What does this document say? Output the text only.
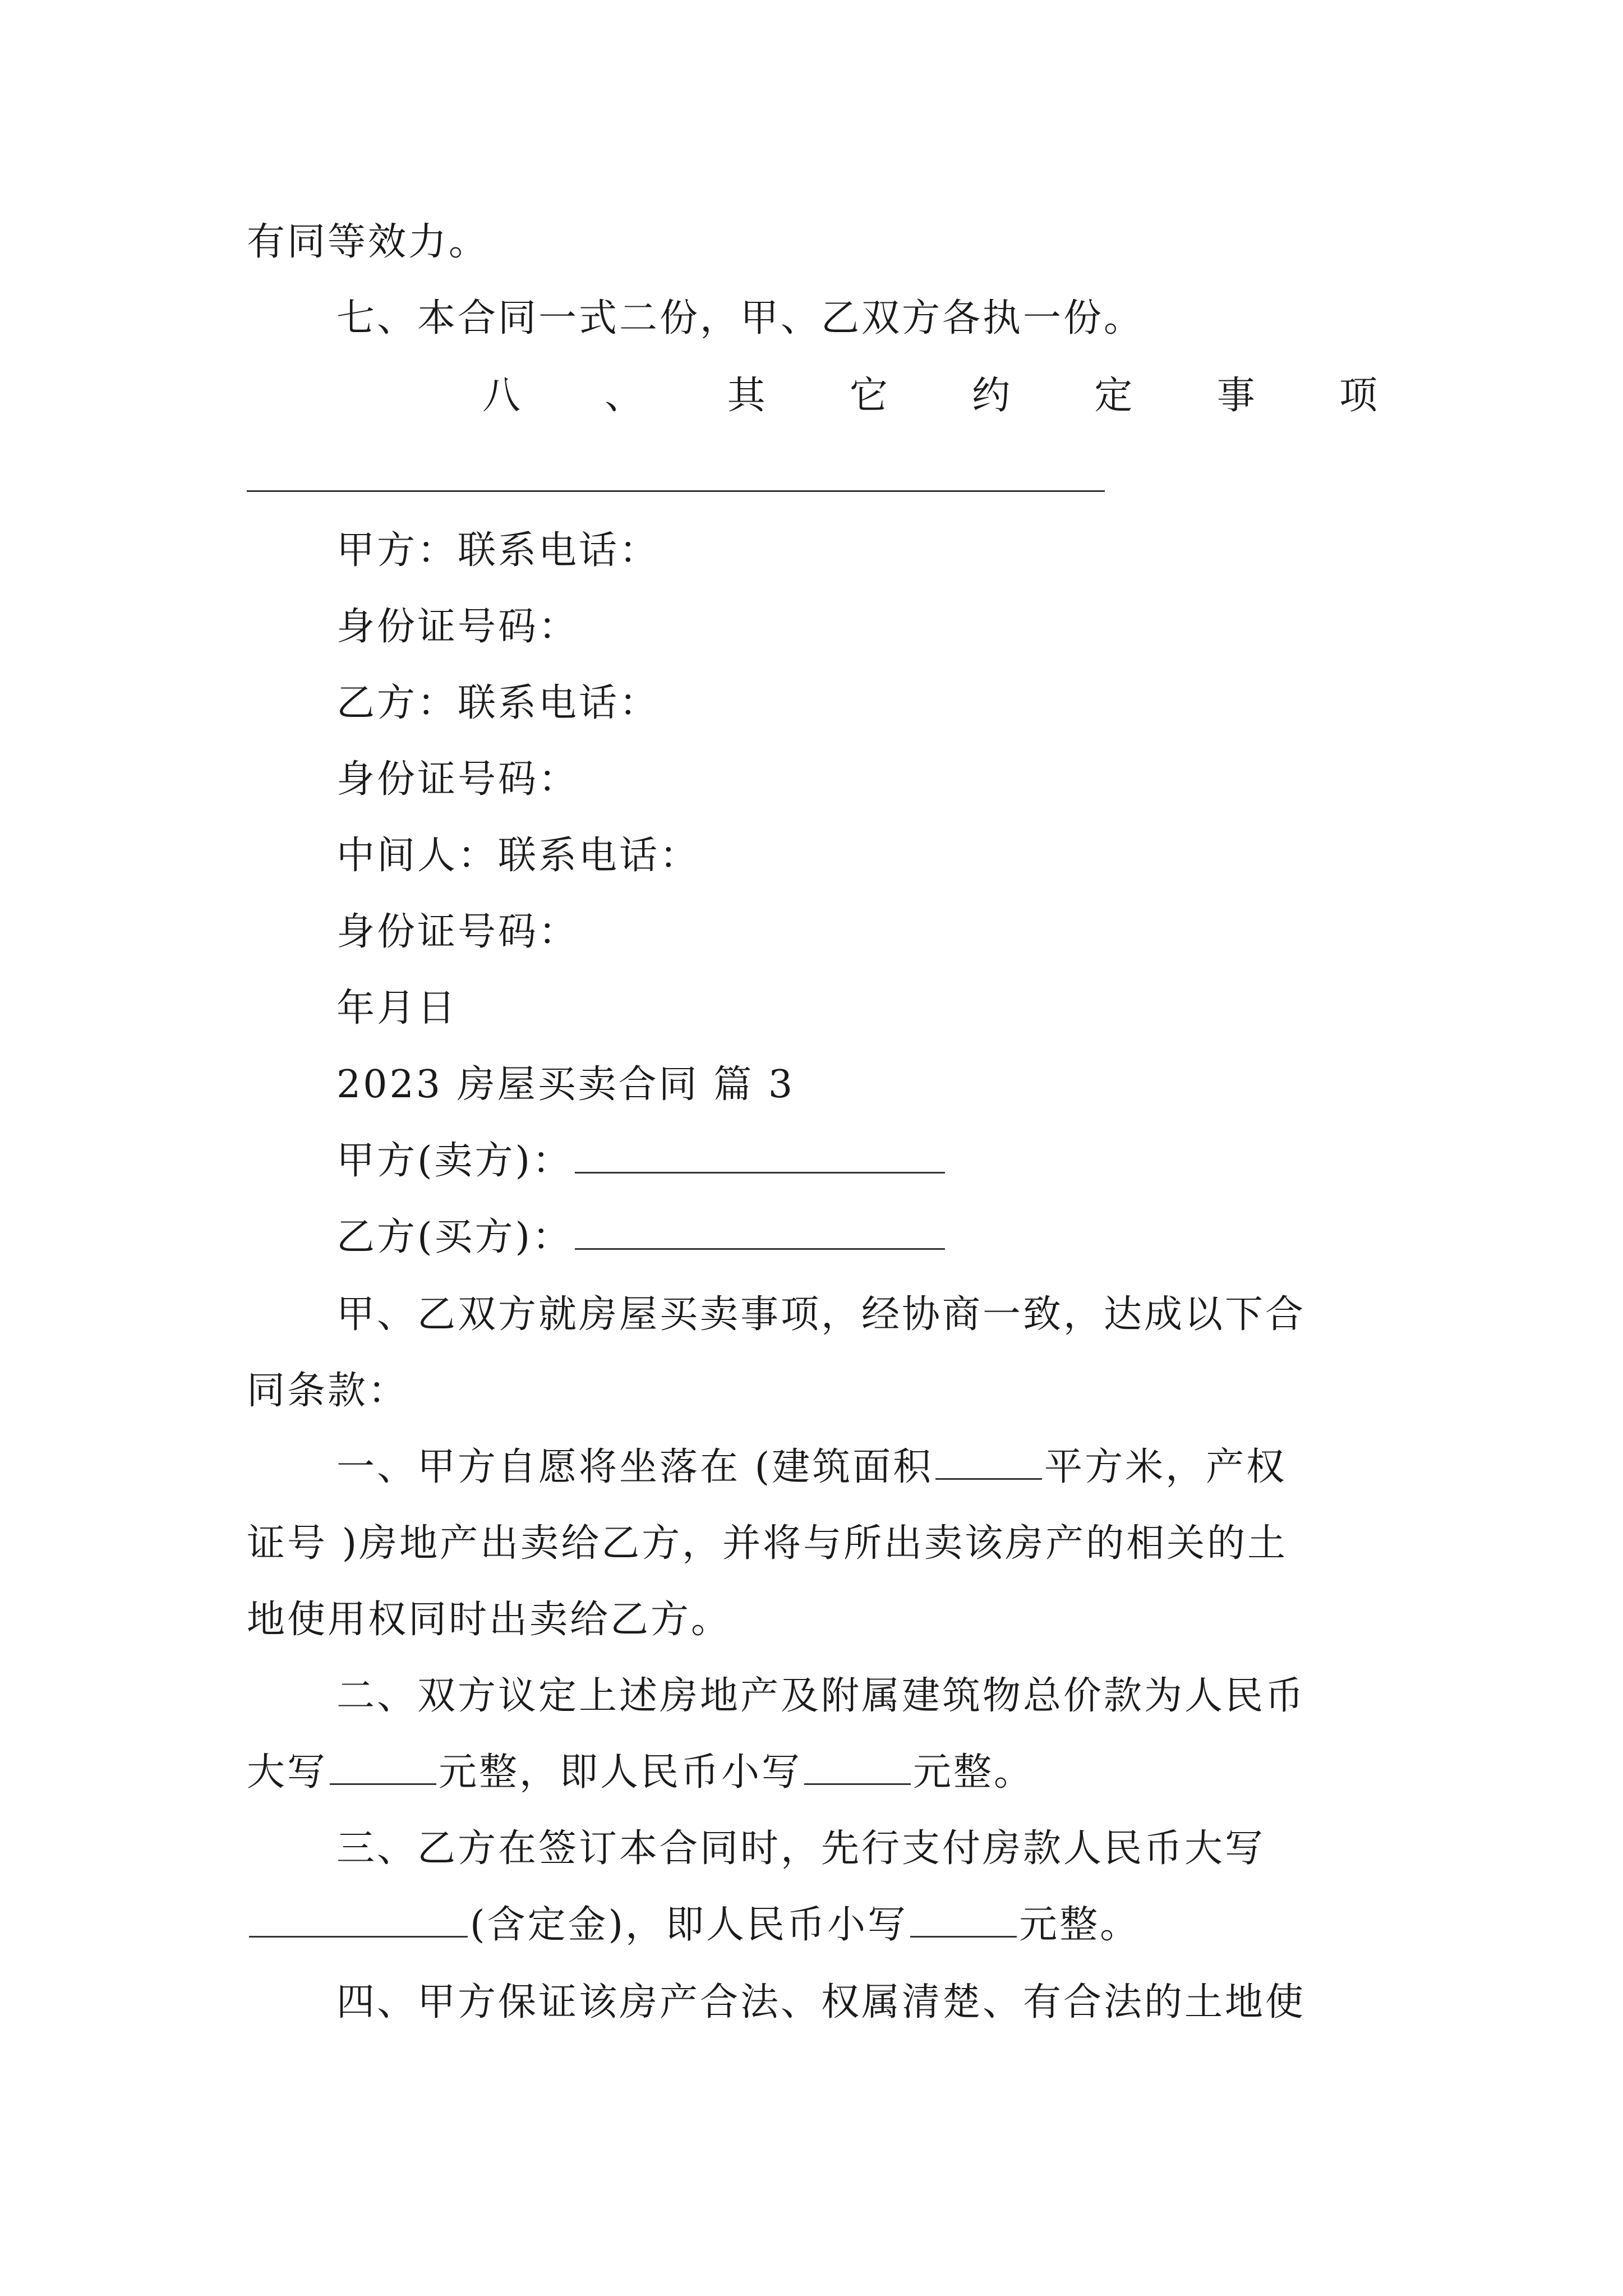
有同等效力。
七、本合同一式二份，甲、乙双方各执一份。
八 、 其 它 约 定 事 项
甲方：联系电话：
身份证号码：
乙方：联系电话：
身份证号码：
中间人：联系电话：
身份证号码：
年月日
2023 房屋买卖合同 篇 3
甲方(卖方)：
乙方(买方)：
甲、乙双方就房屋买卖事项，经协商一致，达成以下合
同条款：
一、甲方自愿将坐落在 (建筑面积	平方米，产权
证号 )房地产出卖给乙方，并将与所出卖该房产的相关的土
地使用权同时出卖给乙方。
二、双方议定上述房地产及附属建筑物总价款为人民币
大写	元整，即人民币小写	元整。
三、乙方在签订本合同时，先行支付房款人民币大写
(含定金)，即人民币小写	元整。
四、甲方保证该房产合法、权属清楚、有合法的土地使
